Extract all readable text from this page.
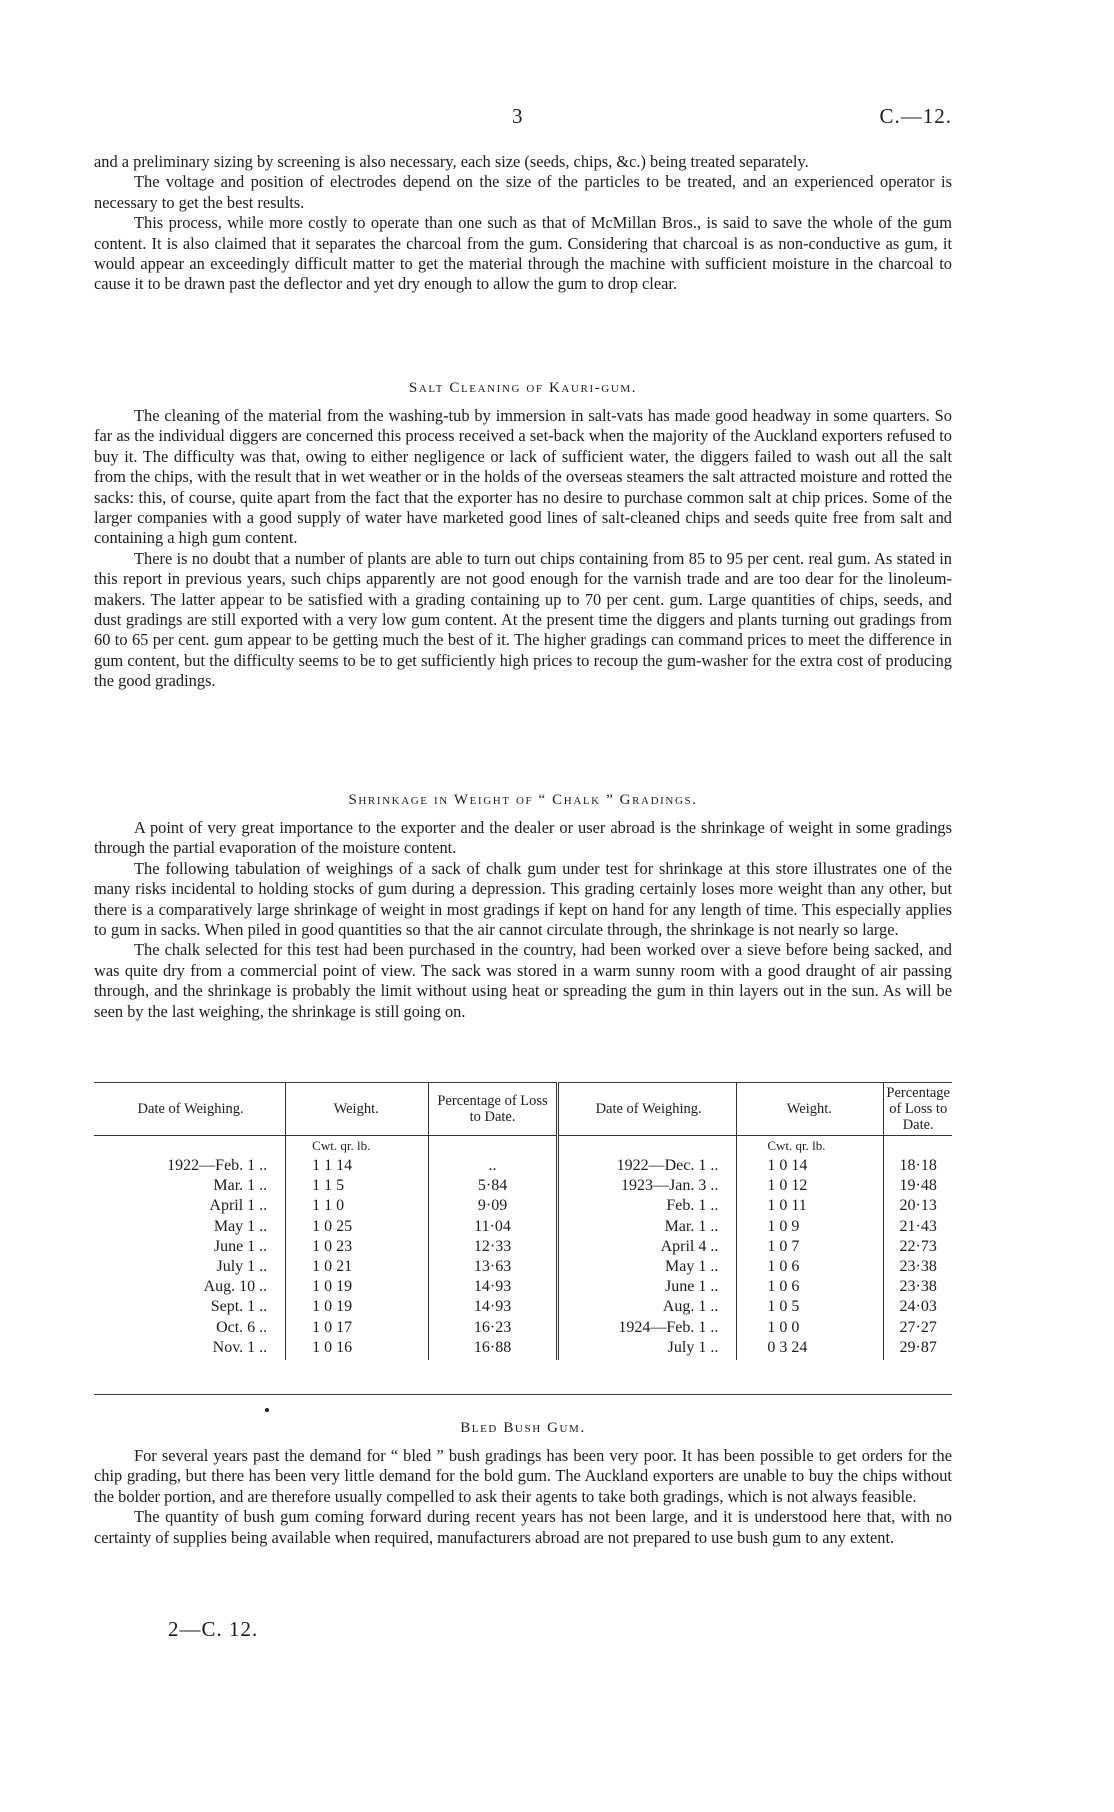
3	C.—12.

and a preliminary sizing by screening is also necessary, each size (seeds, chips, &c.) being treated separately.

The voltage and position of electrodes depend on the size of the particles to be treated, and an experienced operator is necessary to get the best results.

This process, while more costly to operate than one such as that of McMillan Bros., is said to save the whole of the gum content. It is also claimed that it separates the charcoal from the gum. Considering that charcoal is as non-conductive as gum, it would appear an exceedingly difficult matter to get the material through the machine with sufficient moisture in the charcoal to cause it to be drawn past the deflector and yet dry enough to allow the gum to drop clear.

Salt Cleaning of Kauri-gum.

The cleaning of the material from the washing-tub by immersion in salt-vats has made good headway in some quarters. So far as the individual diggers are concerned this process received a set-back when the majority of the Auckland exporters refused to buy it. The difficulty was that, owing to either negligence or lack of sufficient water, the diggers failed to wash out all the salt from the chips, with the result that in wet weather or in the holds of the overseas steamers the salt attracted moisture and rotted the sacks: this, of course, quite apart from the fact that the exporter has no desire to purchase common salt at chip prices. Some of the larger companies with a good supply of water have marketed good lines of salt-cleaned chips and seeds quite free from salt and containing a high gum content.

There is no doubt that a number of plants are able to turn out chips containing from 85 to 95 per cent. real gum. As stated in this report in previous years, such chips apparently are not good enough for the varnish trade and are too dear for the linoleum-makers. The latter appear to be satisfied with a grading containing up to 70 per cent. gum. Large quantities of chips, seeds, and dust gradings are still exported with a very low gum content. At the present time the diggers and plants turning out gradings from 60 to 65 per cent. gum appear to be getting much the best of it. The higher gradings can command prices to meet the difference in gum content, but the difficulty seems to be to get sufficiently high prices to recoup the gum-washer for the extra cost of producing the good gradings.

Shrinkage in Weight of “ Chalk ” Gradings.

A point of very great importance to the exporter and the dealer or user abroad is the shrinkage of weight in some gradings through the partial evaporation of the moisture content.

The following tabulation of weighings of a sack of chalk gum under test for shrinkage at this store illustrates one of the many risks incidental to holding stocks of gum during a depression. This grading certainly loses more weight than any other, but there is a comparatively large shrinkage of weight in most gradings if kept on hand for any length of time. This especially applies to gum in sacks. When piled in good quantities so that the air cannot circulate through, the shrinkage is not nearly so large.

The chalk selected for this test had been purchased in the country, had been worked over a sieve before being sacked, and was quite dry from a commercial point of view. The sack was stored in a warm sunny room with a good draught of air passing through, and the shrinkage is probably the limit without using heat or spreading the gum in thin layers out in the sun. As will be seen by the last weighing, the shrinkage is still going on.

Date of Weighing.	Weight.	Percentage of Loss to Date.	Date of Weighing.	Weight.	Percentage of Loss to Date.
	Cwt. qr. lb.			Cwt. qr. lb.	
1922—Feb. 1 ..	1 1 14	..	1922—Dec. 1 ..	1 0 14	18·18
Mar. 1 ..	1 1 5	5·84	1923—Jan. 3 ..	1 0 12	19·48
April 1 ..	1 1 0	9·09	Feb. 1 ..	1 0 11	20·13
May 1 ..	1 0 25	11·04	Mar. 1 ..	1 0 9	21·43
June 1 ..	1 0 23	12·33	April 4 ..	1 0 7	22·73
July 1 ..	1 0 21	13·63	May 1 ..	1 0 6	23·38
Aug. 10 ..	1 0 19	14·93	June 1 ..	1 0 6	23·38
Sept. 1 ..	1 0 19	14·93	Aug. 1 ..	1 0 5	24·03
Oct. 6 ..	1 0 17	16·23	1924—Feb. 1 ..	1 0 0	27·27
Nov. 1 ..	1 0 16	16·88	July 1 ..	0 3 24	29·87
Bled Bush Gum.

For several years past the demand for “ bled ” bush gradings has been very poor. It has been possible to get orders for the chip grading, but there has been very little demand for the bold gum. The Auckland exporters are unable to buy the chips without the bolder portion, and are therefore usually compelled to ask their agents to take both gradings, which is not always feasible.

The quantity of bush gum coming forward during recent years has not been large, and it is understood here that, with no certainty of supplies being available when required, manufacturers abroad are not prepared to use bush gum to any extent.

2—C. 12.
